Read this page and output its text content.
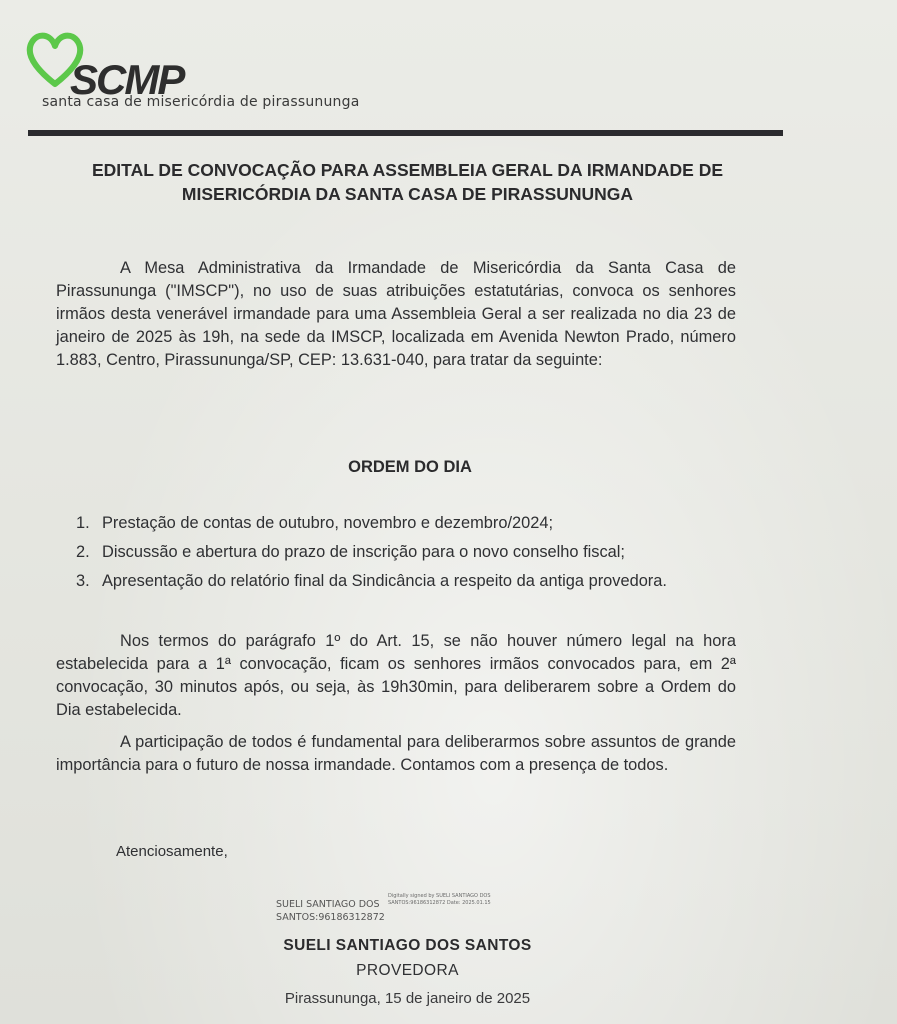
SCMP
santa casa de misericórdia de pirassununga
EDITAL DE CONVOCAÇÃO PARA ASSEMBLEIA GERAL DA IRMANDADE DE
MISERICÓRDIA DA SANTA CASA DE PIRASSUNUNGA
A Mesa Administrativa da Irmandade de Misericórdia da Santa Casa de Pirassununga ("IMSCP"), no uso de suas atribuições estatutárias, convoca os senhores irmãos desta venerável irmandade para uma Assembleia Geral a ser realizada no dia 23 de janeiro de 2025 às 19h, na sede da IMSCP, localizada em Avenida Newton Prado, número 1.883, Centro, Pirassununga/SP, CEP: 13.631-040, para tratar da seguinte:
ORDEM DO DIA
1. Prestação de contas de outubro, novembro e dezembro/2024;
2. Discussão e abertura do prazo de inscrição para o novo conselho fiscal;
3. Apresentação do relatório final da Sindicância a respeito da antiga provedora.
Nos termos do parágrafo 1º do Art. 15, se não houver número legal na hora estabelecida para a 1ª convocação, ficam os senhores irmãos convocados para, em 2ª convocação, 30 minutos após, ou seja, às 19h30min, para deliberarem sobre a Ordem do Dia estabelecida.
A participação de todos é fundamental para deliberarmos sobre assuntos de grande importância para o futuro de nossa irmandade. Contamos com a presença de todos.
Atenciosamente,
SUELI SANTIAGO DOS
SANTOS:96186312872
Digitally signed by SUELI SANTIAGO DOS SANTOS:96186312872 Date: 2025.01.15
SUELI SANTIAGO DOS SANTOS
PROVEDORA
Pirassununga, 15 de janeiro de 2025
